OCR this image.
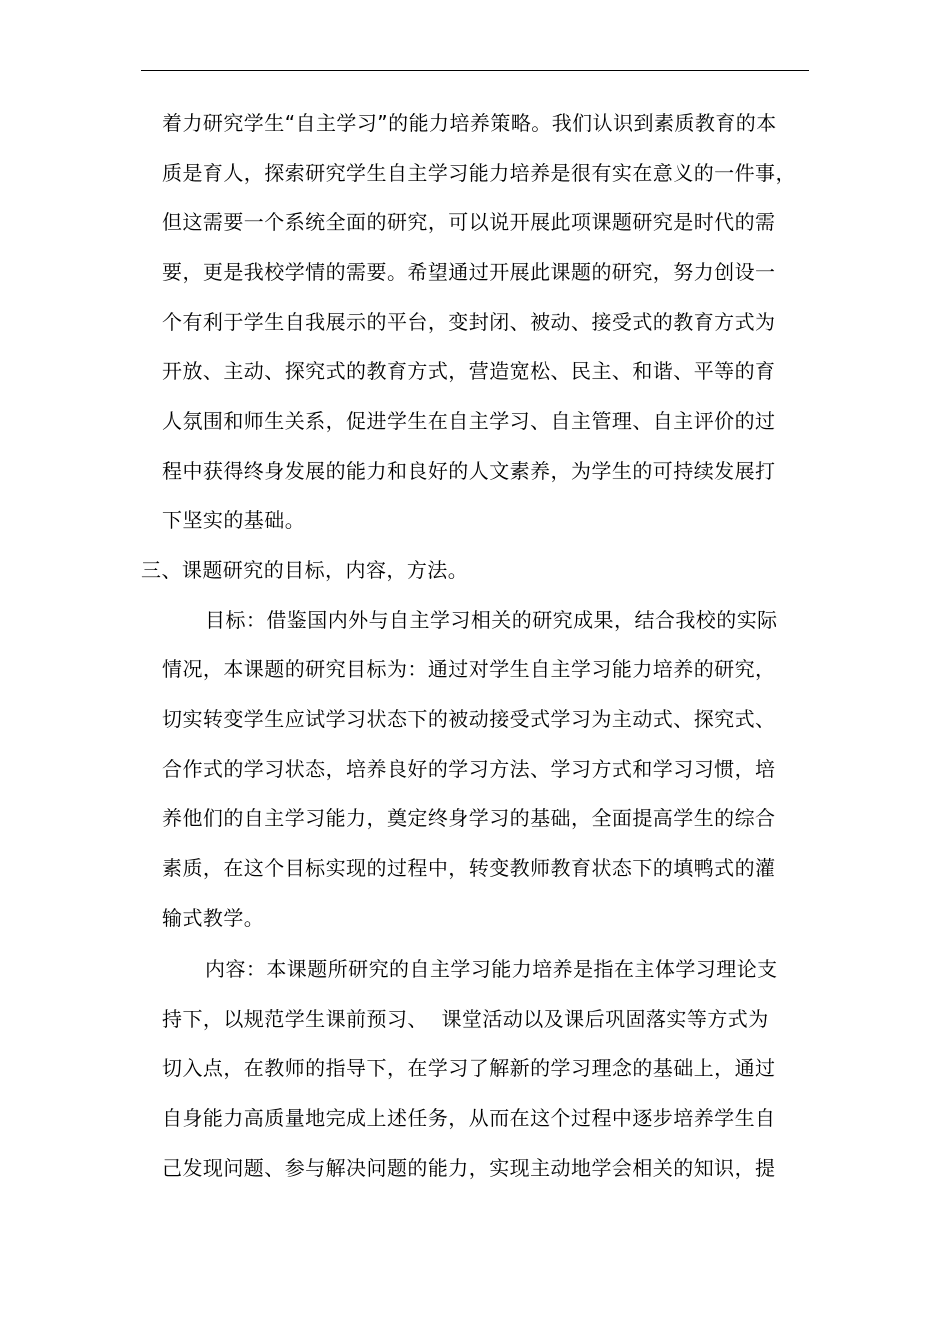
着力研究学生“自主学习”的能力培养策略。我们认识到素质教育的本
质是育人，探索研究学生自主学习能力培养是很有实在意义的一件事，
但这需要一个系统全面的研究，可以说开展此项课题研究是时代的需
要，更是我校学情的需要。希望通过开展此课题的研究，努力创设一
个有利于学生自我展示的平台，变封闭、被动、接受式的教育方式为
开放、主动、探究式的教育方式，营造宽松、民主、和谐、平等的育
人氛围和师生关系，促进学生在自主学习、自主管理、自主评价的过
程中获得终身发展的能力和良好的人文素养，为学生的可持续发展打
下坚实的基础。
三、课题研究的目标，内容，方法。
目标：借鉴国内外与自主学习相关的研究成果，结合我校的实际
情况，本课题的研究目标为：通过对学生自主学习能力培养的研究，
切实转变学生应试学习状态下的被动接受式学习为主动式、探究式、
合作式的学习状态，培养良好的学习方法、学习方式和学习习惯，培
养他们的自主学习能力，奠定终身学习的基础，全面提高学生的综合
素质，在这个目标实现的过程中，转变教师教育状态下的填鸭式的灌
输式教学。
内容：本课题所研究的自主学习能力培养是指在主体学习理论支
持下，以规范学生课前预习、  课堂活动以及课后巩固落实等方式为
切入点，在教师的指导下，在学习了解新的学习理念的基础上，通过
自身能力高质量地完成上述任务，从而在这个过程中逐步培养学生自
己发现问题、参与解决问题的能力，实现主动地学会相关的知识，提
